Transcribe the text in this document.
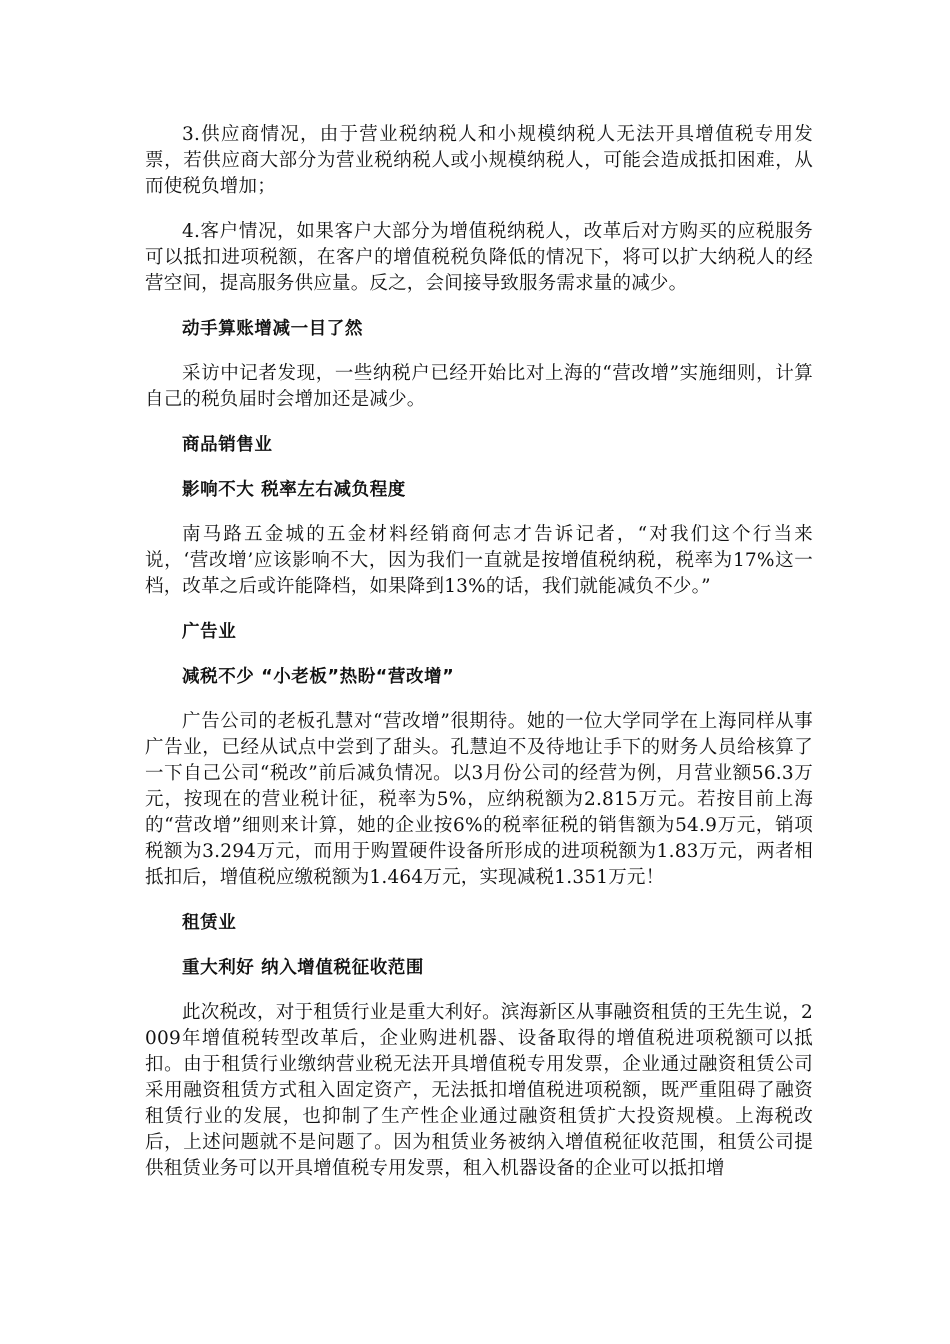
3.供应商情况，由于营业税纳税人和小规模纳税人无法开具增值税专用发票，若供应商大部分为营业税纳税人或小规模纳税人，可能会造成抵扣困难，从而使税负增加；

4.客户情况，如果客户大部分为增值税纳税人，改革后对方购买的应税服务可以抵扣进项税额，在客户的增值税税负降低的情况下，将可以扩大纳税人的经营空间，提高服务供应量。反之，会间接导致服务需求量的减少。

动手算账增减一目了然

采访中记者发现，一些纳税户已经开始比对上海的“营改增”实施细则，计算自己的税负届时会增加还是减少。

商品销售业

影响不大 税率左右减负程度

南马路五金城的五金材料经销商何志才告诉记者，“对我们这个行当来说，‘营改增’应该影响不大，因为我们一直就是按增值税纳税，税率为17%这一档，改革之后或许能降档，如果降到13%的话，我们就能减负不少。”

广告业

减税不少 “小老板”热盼“营改增”

广告公司的老板孔慧对“营改增”很期待。她的一位大学同学在上海同样从事广告业，已经从试点中尝到了甜头。孔慧迫不及待地让手下的财务人员给核算了一下自己公司“税改”前后减负情况。以3月份公司的经营为例，月营业额56.3万元，按现在的营业税计征，税率为5%，应纳税额为2.815万元。若按目前上海的“营改增”细则来计算，她的企业按6%的税率征税的销售额为54.9万元，销项税额为3.294万元，而用于购置硬件设备所形成的进项税额为1.83万元，两者相抵扣后，增值税应缴税额为1.464万元，实现减税1.351万元！

租赁业

重大利好 纳入增值税征收范围

此次税改，对于租赁行业是重大利好。滨海新区从事融资租赁的王先生说，2009年增值税转型改革后，企业购进机器、设备取得的增值税进项税额可以抵扣。由于租赁行业缴纳营业税无法开具增值税专用发票，企业通过融资租赁公司采用融资租赁方式租入固定资产，无法抵扣增值税进项税额，既严重阻碍了融资租赁行业的发展，也抑制了生产性企业通过融资租赁扩大投资规模。上海税改后，上述问题就不是问题了。因为租赁业务被纳入增值税征收范围，租赁公司提供租赁业务可以开具增值税专用发票，租入机器设备的企业可以抵扣增
